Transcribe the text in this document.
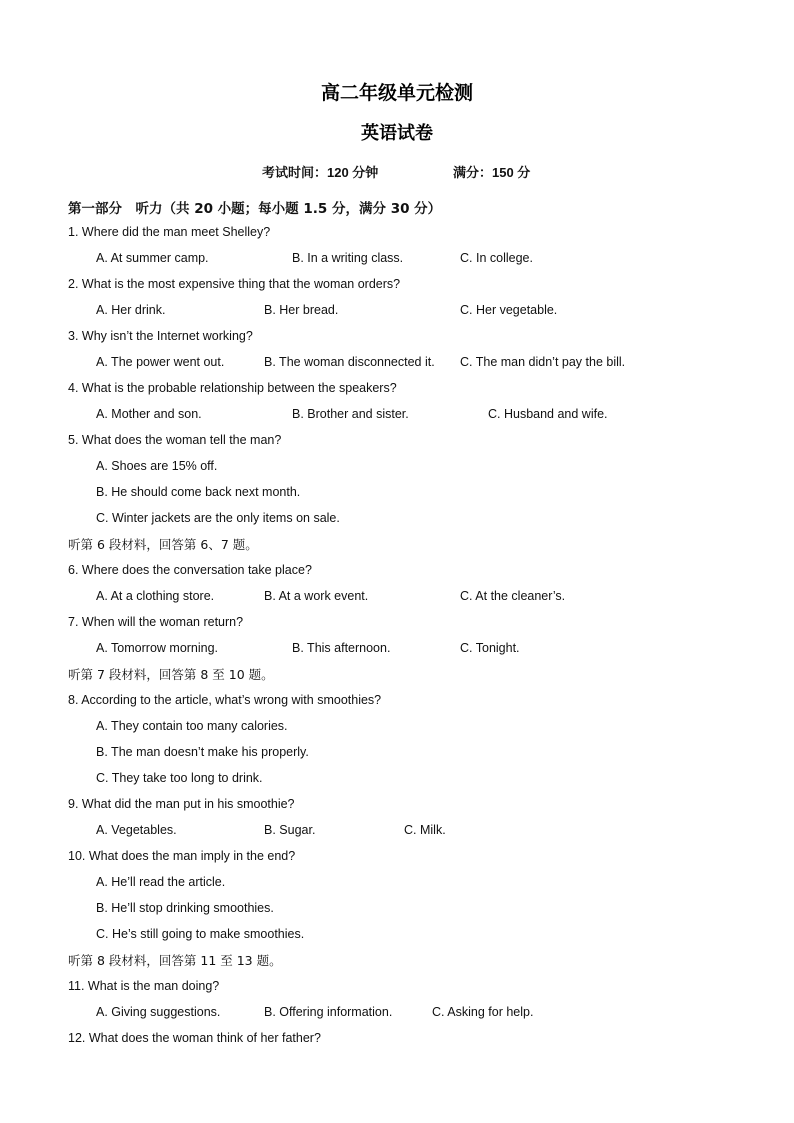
高二年级单元检测
英语试卷
考试时间：120 分钟	满分：150 分
第一部分　听力（共 20 小题；每小题 1.5 分，满分 30 分）
1. Where did the man meet Shelley?
A. At summer camp.	B. In a writing class.	C. In college.
2. What is the most expensive thing that the woman orders?
A. Her drink.	B. Her bread.	C. Her vegetable.
3. Why isn’t the Internet working?
A. The power went out.	B. The woman disconnected it. C. The man didn’t pay the bill.
4. What is the probable relationship between the speakers?
A. Mother and son.	B. Brother and sister.	C. Husband and wife.
5. What does the woman tell the man?
A. Shoes are 15% off.
B. He should come back next month.
C. Winter jackets are the only items on sale.
听第 6 段材料，回答第 6、7 题。
6. Where does the conversation take place?
A. At a clothing store.	B. At a work event.	C. At the cleaner’s.
7. When will the woman return?
A. Tomorrow morning.	B. This afternoon.	C. Tonight.
听第 7 段材料，回答第 8 至 10 题。
8. According to the article, what’s wrong with smoothies?
A. They contain too many calories.
B. The man doesn’t make his properly.
C. They take too long to drink.
9. What did the man put in his smoothie?
A. Vegetables.	B. Sugar.	C. Milk.
10. What does the man imply in the end?
A. He’ll read the article.
B. He’ll stop drinking smoothies.
C. He’s still going to make smoothies.
听第 8 段材料，回答第 11 至 13 题。
11. What is the man doing?
A. Giving suggestions.	B. Offering information.	C. Asking for help.
12. What does the woman think of her father?
